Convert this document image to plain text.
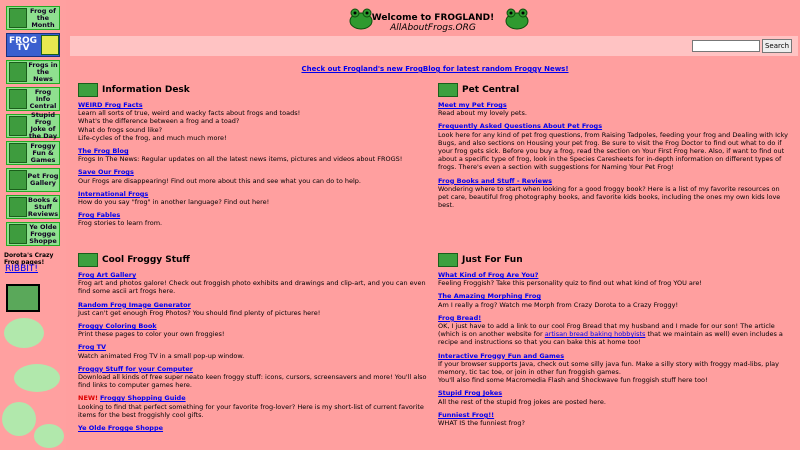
Frog of the Month
FROG TV
Frogs in the News
Frog Info Central
Stupid Frog Joke of the Day
Froggy Fun & Games
Pet Frog Gallery
Books & Stuff Reviews
Ye Olde Frogge Shoppe
Dorota's Crazy Frog pages!
RIBBIT!
Welcome to FROGLAND!
AllAboutFrogs.ORG
Search
Check out Frogland's new FrogBlog for latest random Froggy News!
Information Desk
WEIRD Frog Facts
Learn all sorts of true, weird and wacky facts about frogs and toads!
What's the difference between a frog and a toad?
What do frogs sound like?
Life-cycles of the frog, and much much more!
The Frog Blog
Frogs In The News: Regular updates on all the latest news items, pictures and videos about FROGS!
Save Our Frogs
Our Frogs are disappearing! Find out more about this and see what you can do to help.
International Frogs
How do you say "frog" in another language? Find out here!
Frog Fables
Frog stories to learn from.
Pet Central
Meet my Pet Frogs
Read about my lovely pets.
Frequently Asked Questions About Pet Frogs
Look here for any kind of pet frog questions, from Raising Tadpoles, feeding your frog and Dealing with Icky Bugs, and also sections on Housing your pet frog. Be sure to visit the Frog Doctor to find out what to do if your frog gets sick. Before you buy a frog, read the section on Your First Frog here. Also, if want to find out about a specific type of frog, look in the Species Caresheets for in-depth information on different types of frogs. There's even a section with suggestions for Naming Your Pet Frog!
Frog Books and Stuff - Reviews
Wondering where to start when looking for a good froggy book? Here is a list of my favorite resources on pet care, beautiful frog photography books, and favorite kids books, including the ones my own kids love best.
Cool Froggy Stuff
Frog Art Gallery
Frog art and photos galore! Check out froggish photo exhibits and drawings and clip-art, and you can even find some ascii art frogs here.
Random Frog Image Generator
Just can't get enough Frog Photos? You should find plenty of pictures here!
Froggy Coloring Book
Print these pages to color your own froggies!
Frog TV
Watch animated Frog TV in a small pop-up window.
Froggy Stuff for your Computer
Download all kinds of free super neato keen froggy stuff: icons, cursors, screensavers and more! You'll also find links to computer games here.
NEW! Froggy Shopping Guide
Looking to find that perfect something for your favorite frog-lover? Here is my short-list of current favorite items for the best froggishly cool gifts.
Ye Olde Frogge Shoppe
Just For Fun
What Kind of Frog Are You?
Feeling Froggish? Take this personality quiz to find out what kind of frog YOU are!
The Amazing Morphing Frog
Am I really a frog? Watch me Morph from Crazy Dorota to a Crazy Froggy!
Frog Bread!
OK, I just have to add a link to our cool Frog Bread that my husband and I made for our son! The article (which is on another website for artisan bread baking hobbyists that we maintain as well) even includes a recipe and instructions so that you can bake this at home too!
Interactive Froggy Fun and Games
If your browser supports Java, check out some silly java fun. Make a silly story with froggy mad-libs, play memory, tic tac toe, or join in other fun froggish games.
You'll also find some Macromedia Flash and Shockwave fun froggish stuff here too!
Stupid Frog Jokes
All the rest of the stupid frog jokes are posted here.
Funniest Frog!!
WHAT IS the funniest frog?
